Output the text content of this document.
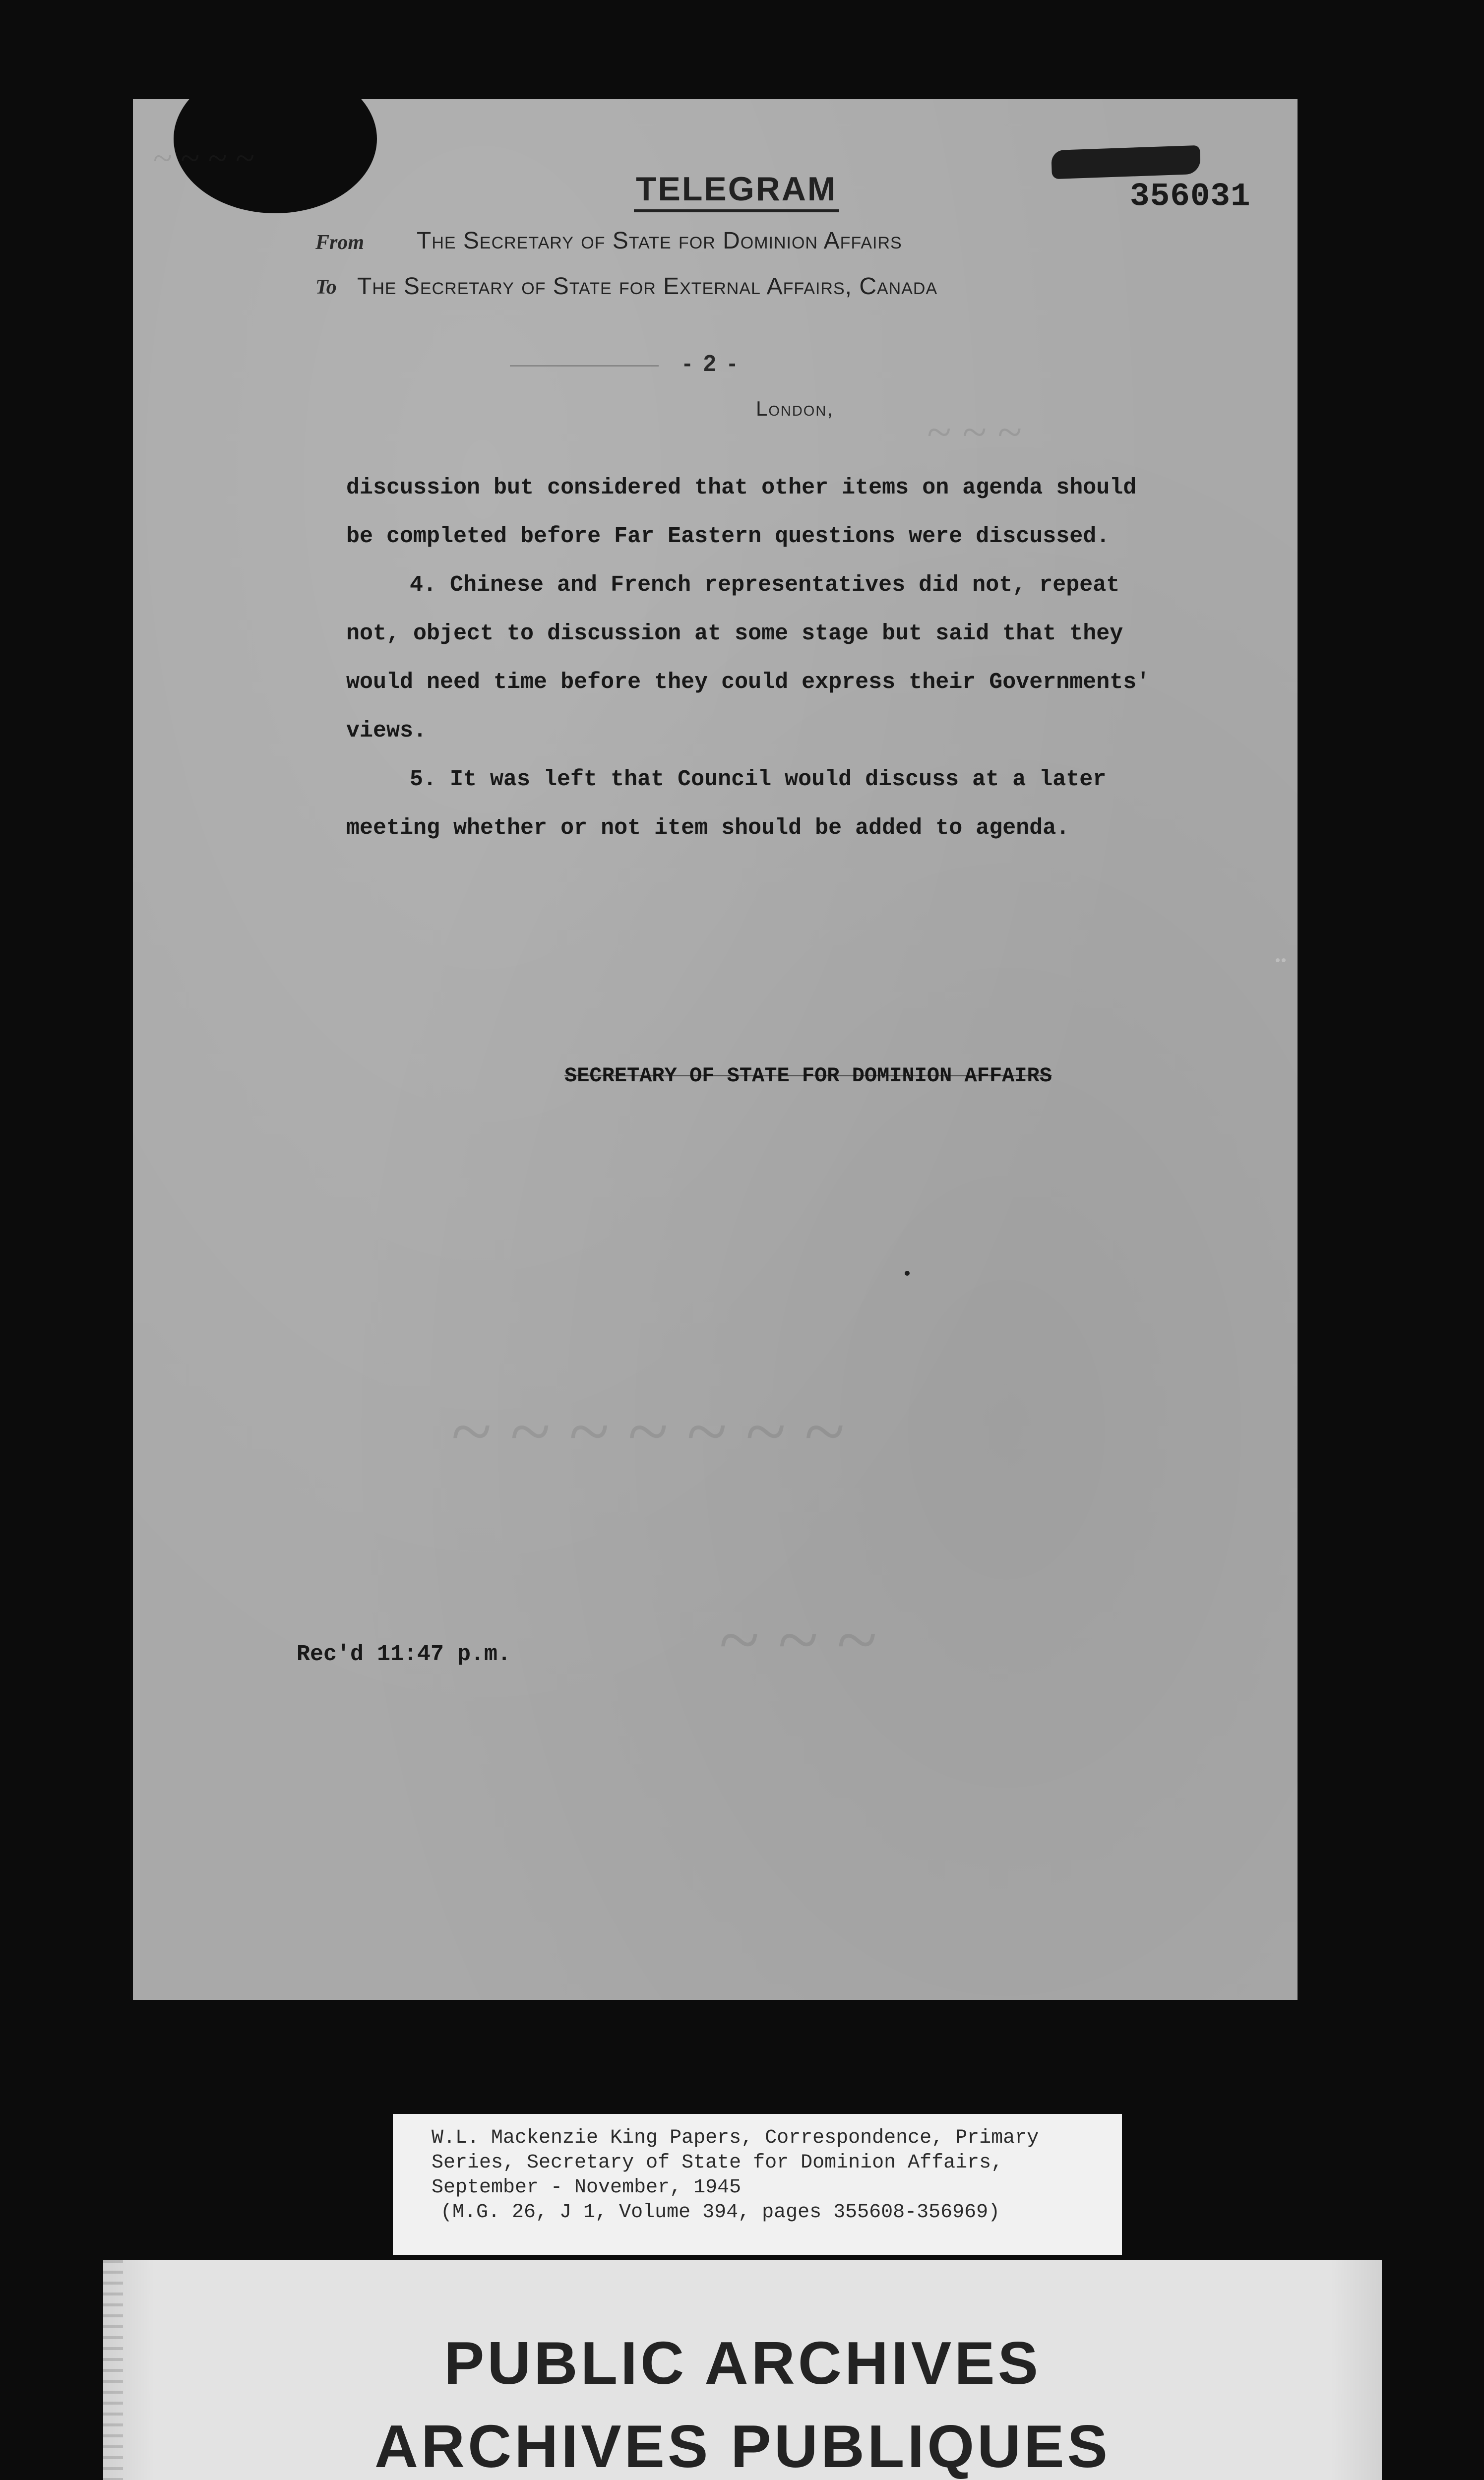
~ ~ ~ ~
~ ~ ~
~ ~ ~ ~ ~ ~ ~
~ ~ ~
356031
TELEGRAM
From The Secretary of State for Dominion Affairs
To The Secretary of State for External Affairs, Canada
- 2 -
London,
discussion but considered that other items on agenda should
be completed before Far Eastern questions were discussed.
4. Chinese and French representatives did not, repeat
not, object to discussion at some stage but said that they
would need time before they could express their Governments'
views.
5. It was left that Council would discuss at a later
meeting whether or not item should be added to agenda.
SECRETARY OF STATE FOR DOMINION AFFAIRS
Rec'd 11:47 p.m.
W.L. Mackenzie King Papers, Correspondence, Primary
Series, Secretary of State for Dominion Affairs,
September - November, 1945
(M.G. 26, J 1, Volume 394, pages 355608-356969)
PUBLIC ARCHIVES
ARCHIVES PUBLIQUES
